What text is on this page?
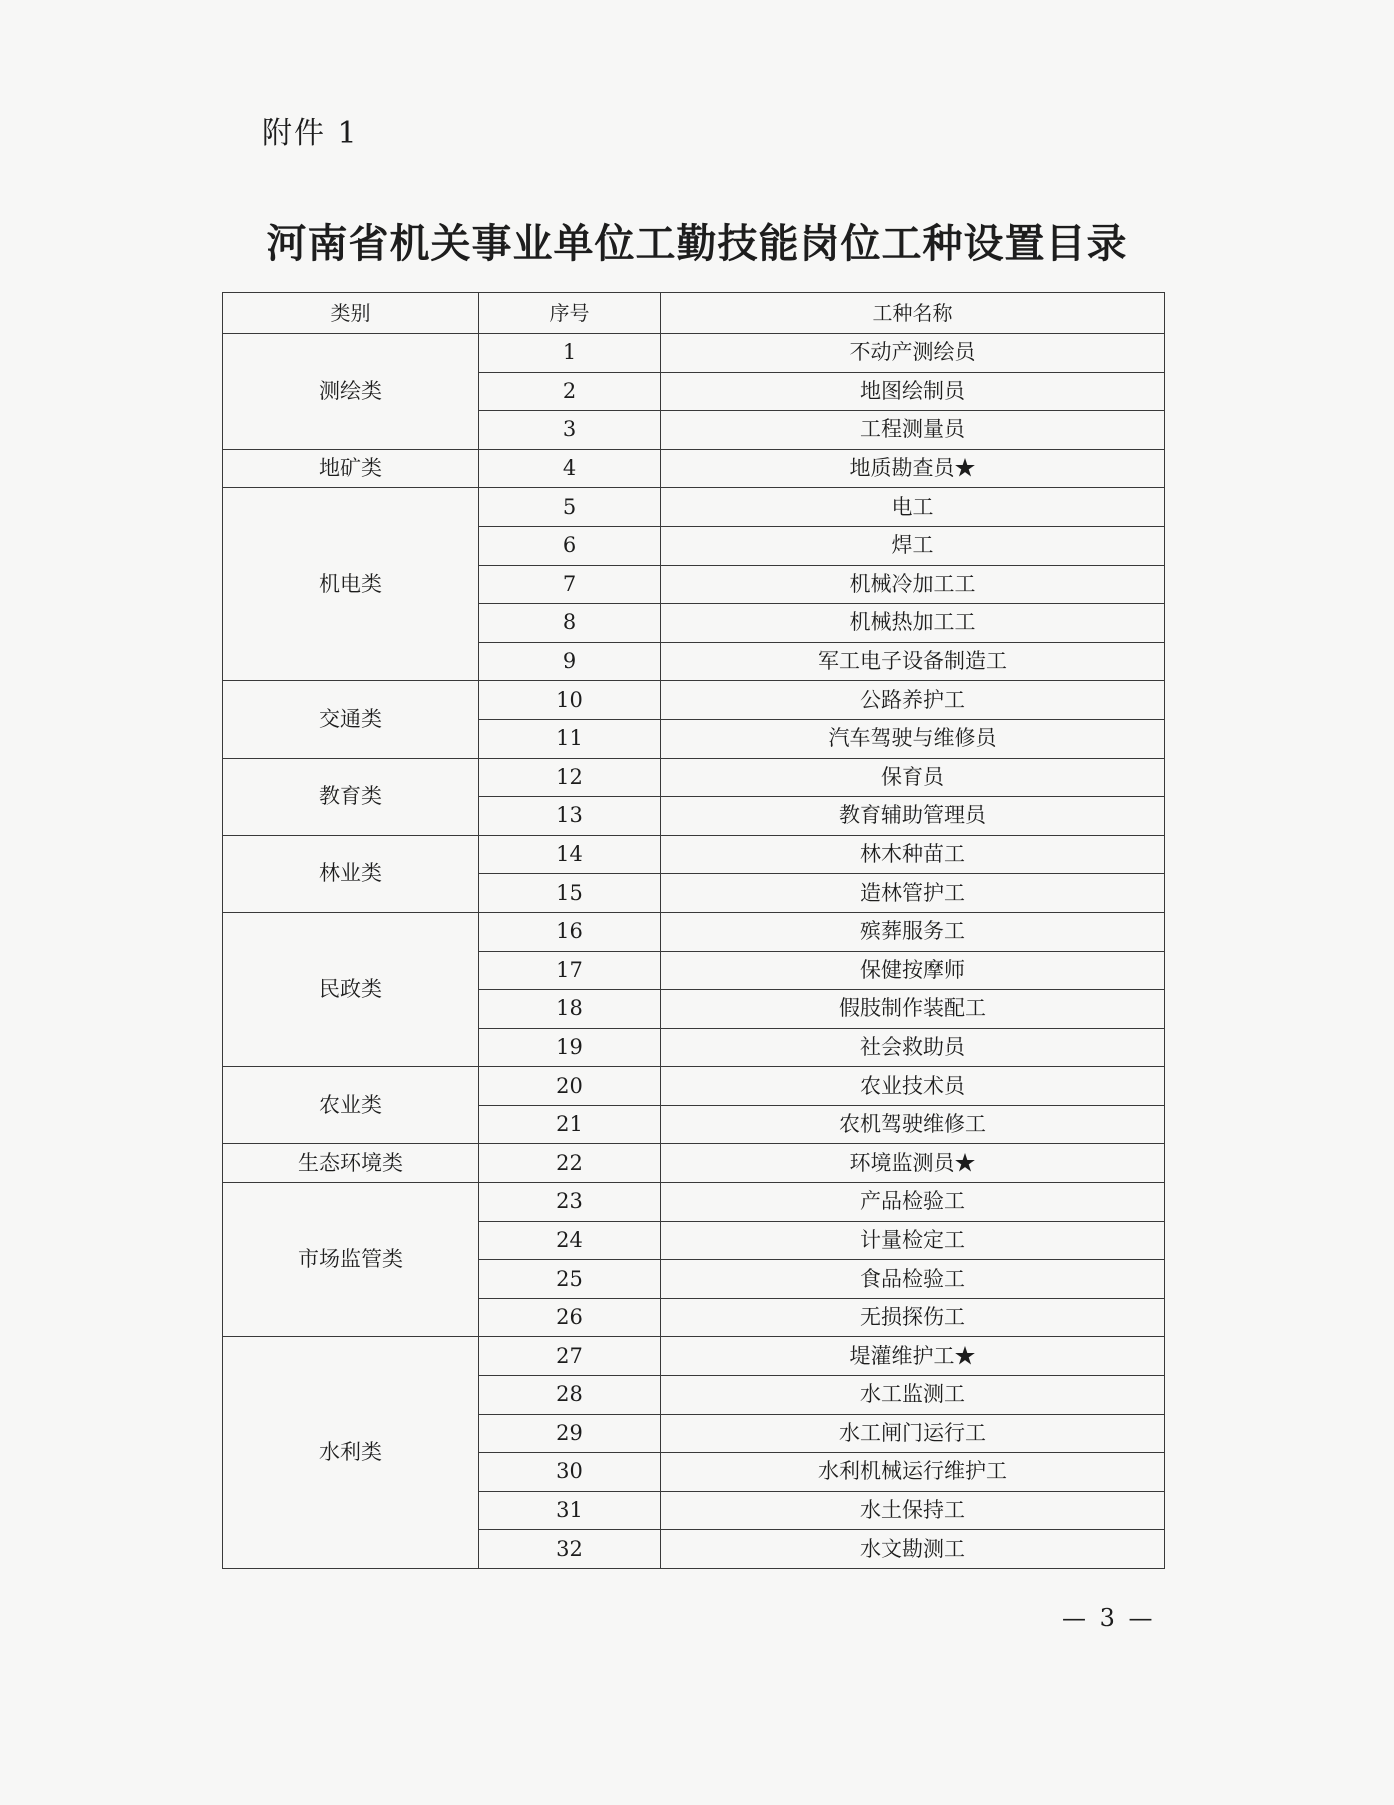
附件 1
河南省机关事业单位工勤技能岗位工种设置目录
类别	序号	工种名称
测绘类	1	不动产测绘员
	2	地图绘制员
	3	工程测量员
地矿类	4	地质勘查员★
机电类	5	电工
	6	焊工
	7	机械冷加工工
	8	机械热加工工
	9	军工电子设备制造工
交通类	10	公路养护工
	11	汽车驾驶与维修员
教育类	12	保育员
	13	教育辅助管理员
林业类	14	林木种苗工
	15	造林管护工
民政类	16	殡葬服务工
	17	保健按摩师
	18	假肢制作装配工
	19	社会救助员
农业类	20	农业技术员
	21	农机驾驶维修工
生态环境类	22	环境监测员★
市场监管类	23	产品检验工
	24	计量检定工
	25	食品检验工
	26	无损探伤工
水利类	27	堤灌维护工★
	28	水工监测工
	29	水工闸门运行工
	30	水利机械运行维护工
	31	水土保持工
	32	水文勘测工
— 3 —
